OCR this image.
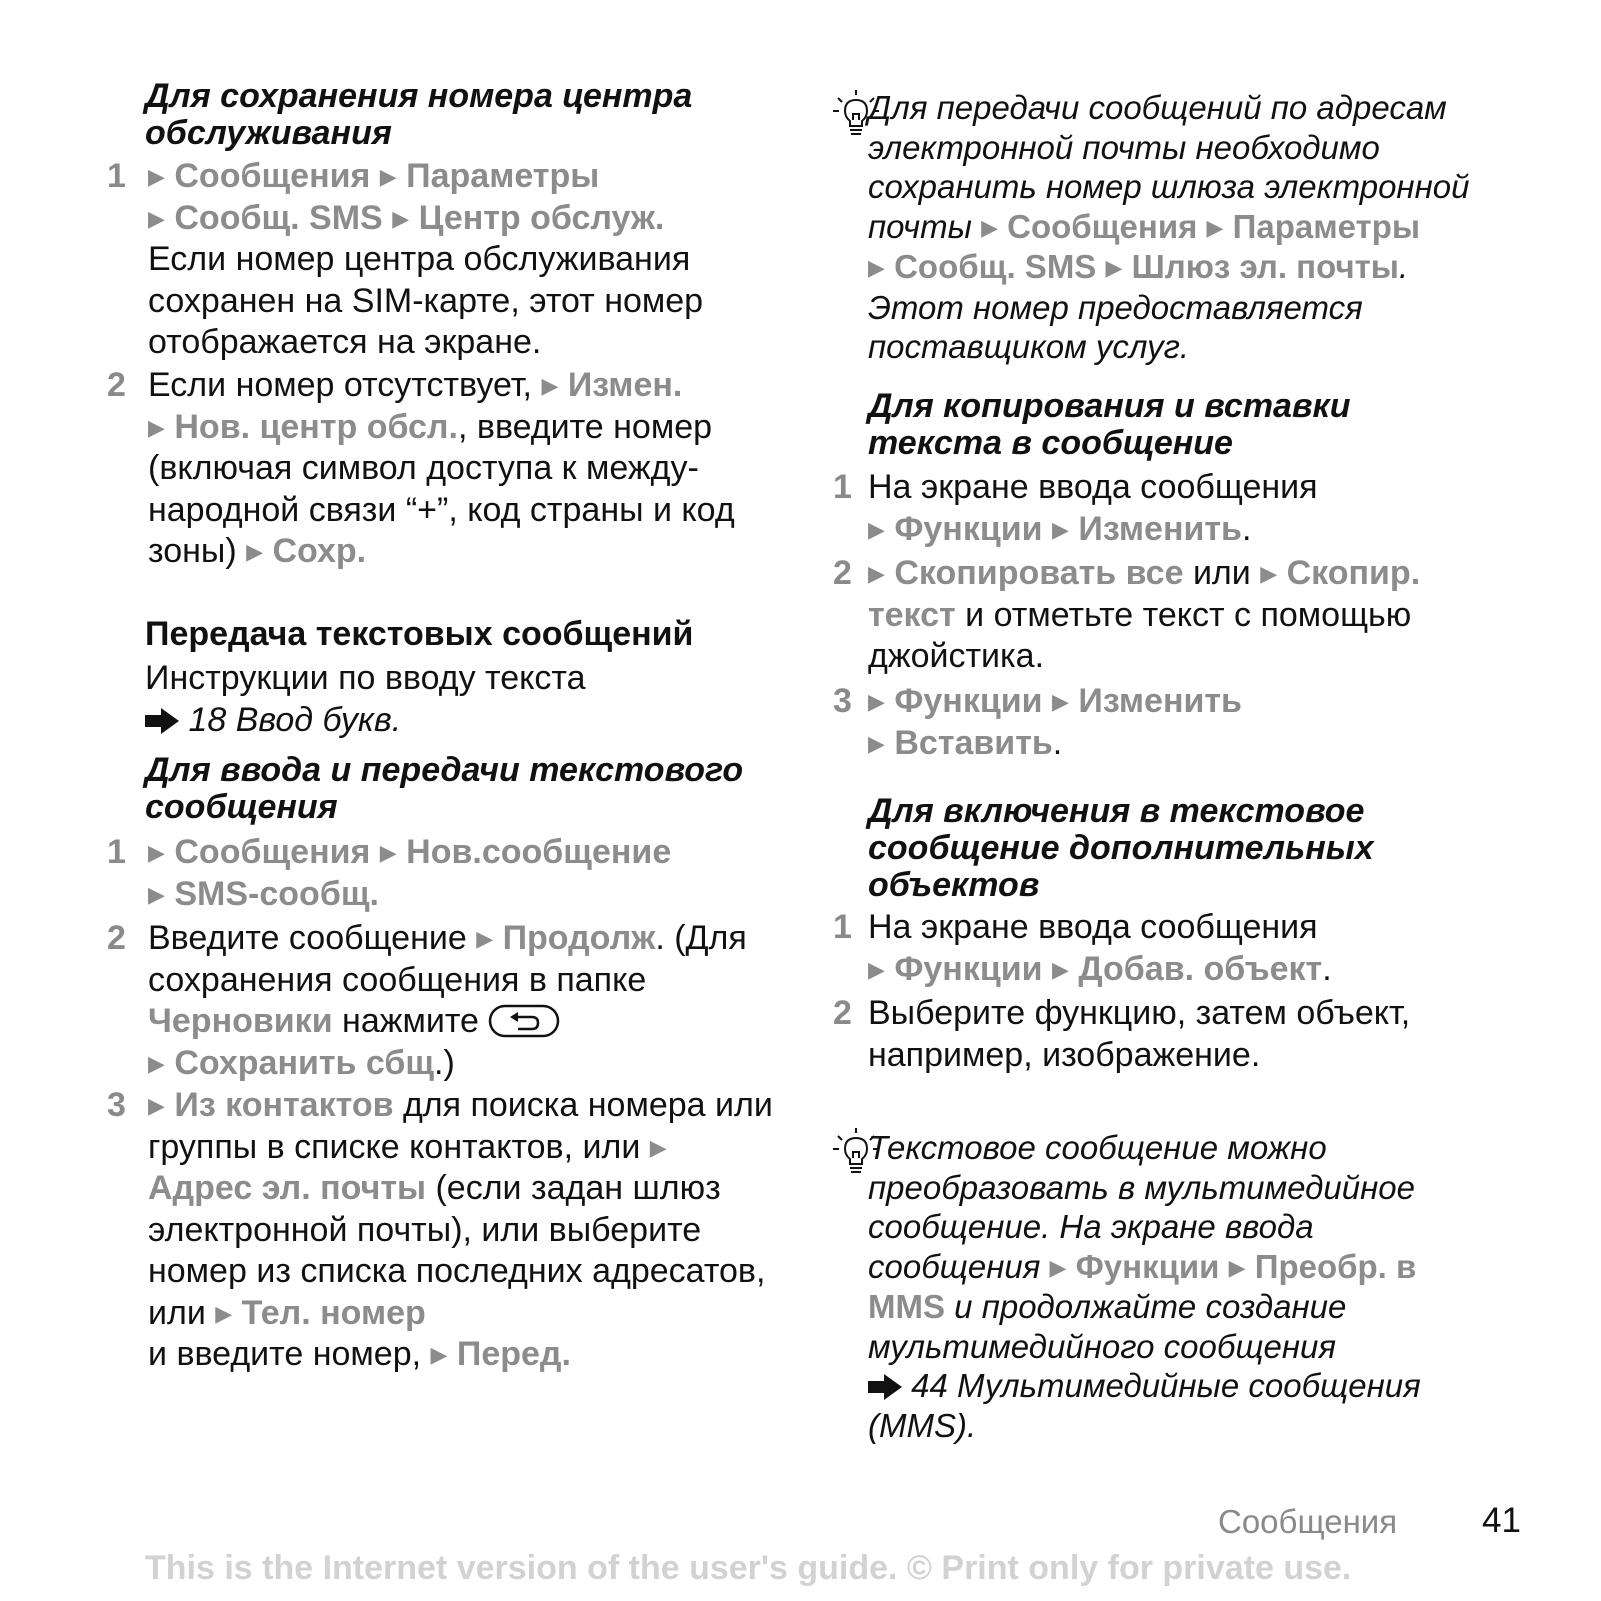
Для сохранения номера центра обслуживания
1	▶ Сообщения ▶ Параметры
▶ Сообщ. SMS ▶ Центр обслуж.
Если номер центра обслуживания сохранен на SIM-карте, этот номер отображается на экране.
2 Если номер отсутствует, ▶ Измен.
▶ Нов. центр обсл., введите номер (включая символ доступа к между-народной связи “+”, код страны и код зоны) ▶ Сохр.
Передача текстовых сообщений
Инструкции по вводу текста
18 Ввод букв.
Для ввода и передачи текстового сообщения
1	▶ Сообщения ▶ Нов.сообщение
▶ SMS-сообщ.
2 Введите сообщение ▶ Продолж. (Для сохранения сообщения в папке
Черновики нажмите
▶ Сохранить сбщ.)
3	▶ Из контактов для поиска номера или группы в списке контактов, или ▶ Адрес эл. почты (если задан шлюз электронной почты), или выберите номер из списка последних адресатов, или ▶ Тел. номер
и введите номер, ▶ Перед.
Для передачи сообщений по адресам электронной почты необходимо сохранить номер шлюза электронной почты ▶ Сообщения ▶ Параметры
▶ Сообщ. SMS ▶ Шлюз эл. почты. Этот номер предоставляется поставщиком услуг.
Для копирования и вставки текста в сообщение
1 На экране ввода сообщения
▶ Функции ▶ Изменить.
2 ▶ Скопировать все или ▶ Скопир. текст и отметьте текст с помощью джойстика.
3 ▶ Функции ▶ Изменить
▶ Вставить.
Для включения в текстовое сообщение дополнительных объектов
1 На экране ввода сообщения
▶ Функции ▶ Добав. объект.
2 Выберите функцию, затем объект, например, изображение.
Текстовое сообщение можно преобразовать в мультимедийное сообщение. На экране ввода сообщения ▶ Функции ▶ Преобр. в MMS и продолжайте создание мультимедийного сообщения
44 Мультимедийные сообщения (MMS).
Сообщения 41
This is the Internet version of the user's guide. © Print only for private use.
